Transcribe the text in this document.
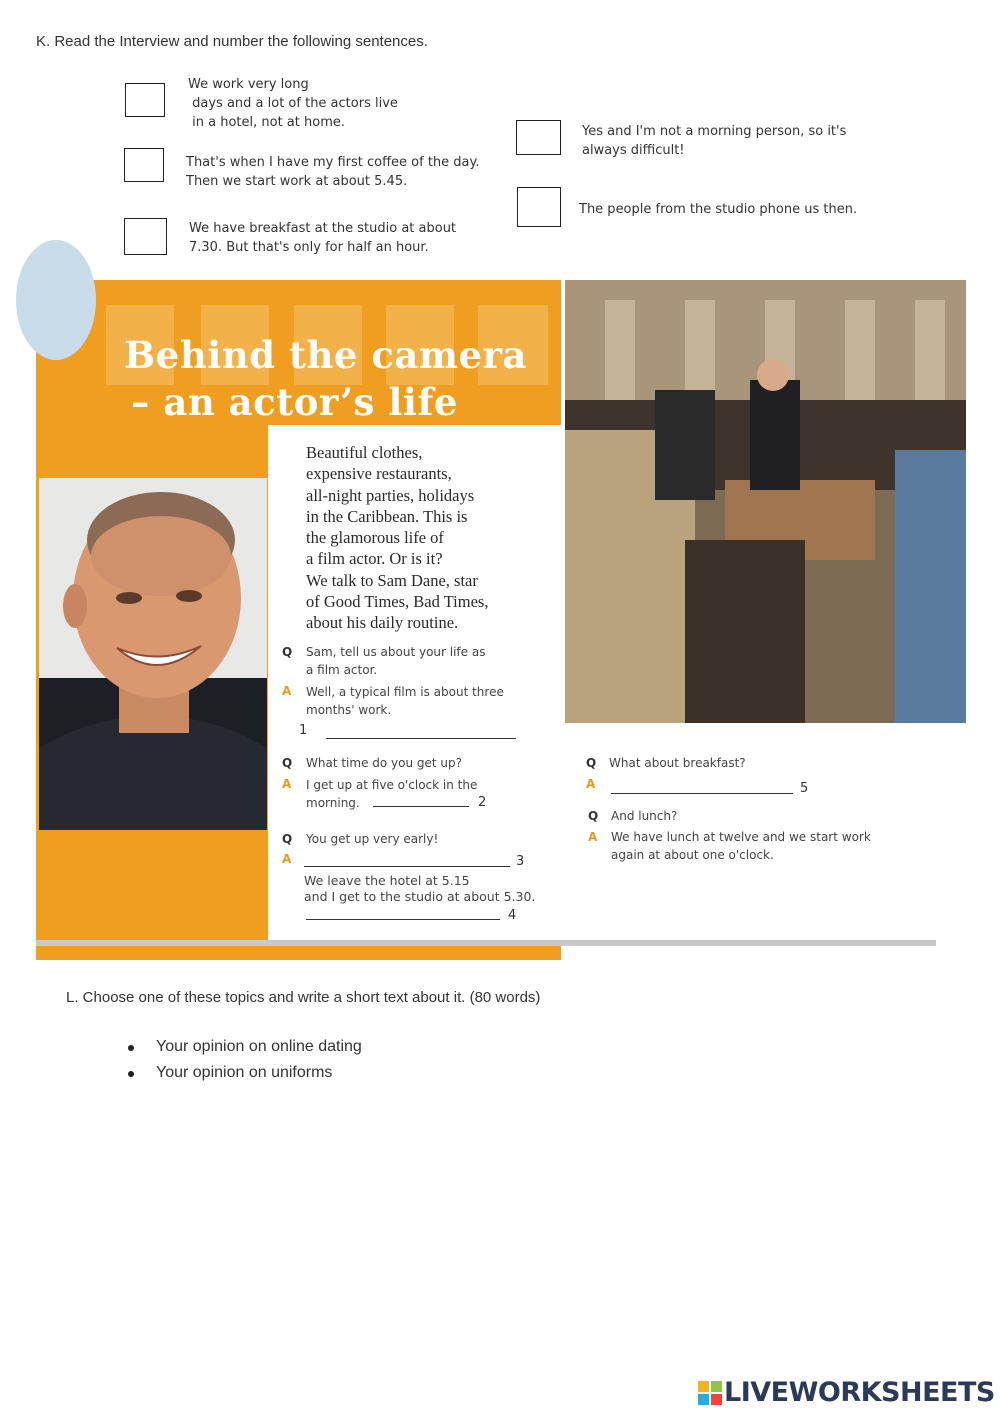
K. Read the Interview and number the following sentences.
We work very long
days and a lot of the actors live
in a hotel, not at home.
That's when I have my first coffee of the day.
Then we start work at about 5.45.
We have breakfast at the studio at about
7.30. But that's only for half an hour.
Yes and I'm not a morning person, so it's
always difficult!
The people from the studio phone us then.
Behind the camera
– an actor’s life
Beautiful clothes,
expensive restaurants,
all-night parties, holidays
in the Caribbean. This is
the glamorous life of
a film actor. Or is it?
We talk to Sam Dane, star
of Good Times, Bad Times,
about his daily routine.
Q Sam, tell us about your life as
a film actor.
A Well, a typical film is about three
months' work.
1
Q What time do you get up?
A I get up at five o'clock in the
morning.	2
Q You get up very early!
A	3
We leave the hotel at 5.15
and I get to the studio at about 5.30.
4
Q What about breakfast?
A	5
Q And lunch?
A We have lunch at twelve and we start work
again at about one o'clock.
L. Choose one of these topics and write a short text about it. (80 words)
Your opinion on online dating
Your opinion on uniforms
LIVEWORKSHEETS
